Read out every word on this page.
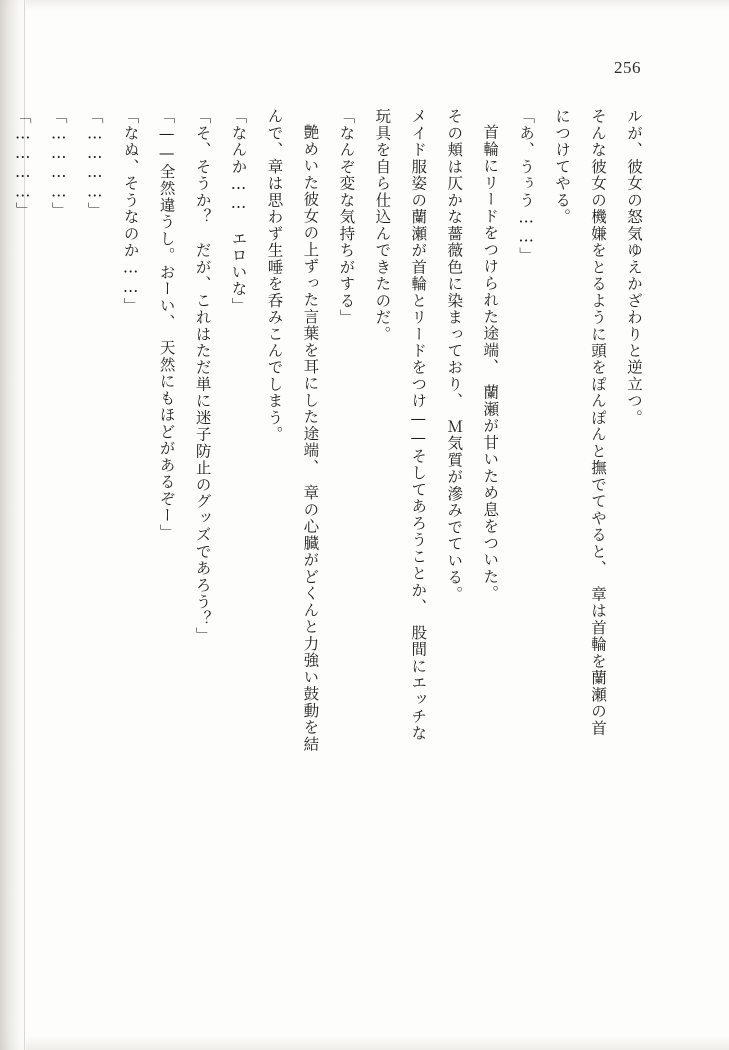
256
ルが、彼女の怒気ゆえかざわりと逆立つ。
そんな彼女の機嫌をとるように頭をぽんぽんと撫でてやると、　章は首輪を蘭瀬の首
につけてやる。
「あ、うぅう……」
首輪にリードをつけられた途端、　蘭瀬が甘いため息をついた。
その頬は仄かな薔薇色に染まっており、　Ｍ気質が滲みでている。
メイド服姿の蘭瀬が首輪とリードをつけ——そしてあろうことか、　股間にエッチな
玩具を自ら仕込んできたのだ。
「なんぞ変な気持ちがする」
艶めいた彼女の上ずった言葉を耳にした途端、　章の心臓がどくんと力強い鼓動を結
んで、章は思わず生唾を呑みこんでしまう。
「なんか……　エロいな」
「そ、そうか？　だが、これはただ単に迷子防止のグッズであろう？」
「——全然違うし。おーい、　天然にもほどがあるぞー」
「なぬ、そうなのか……」
「…………」
「…………」
「…………」
